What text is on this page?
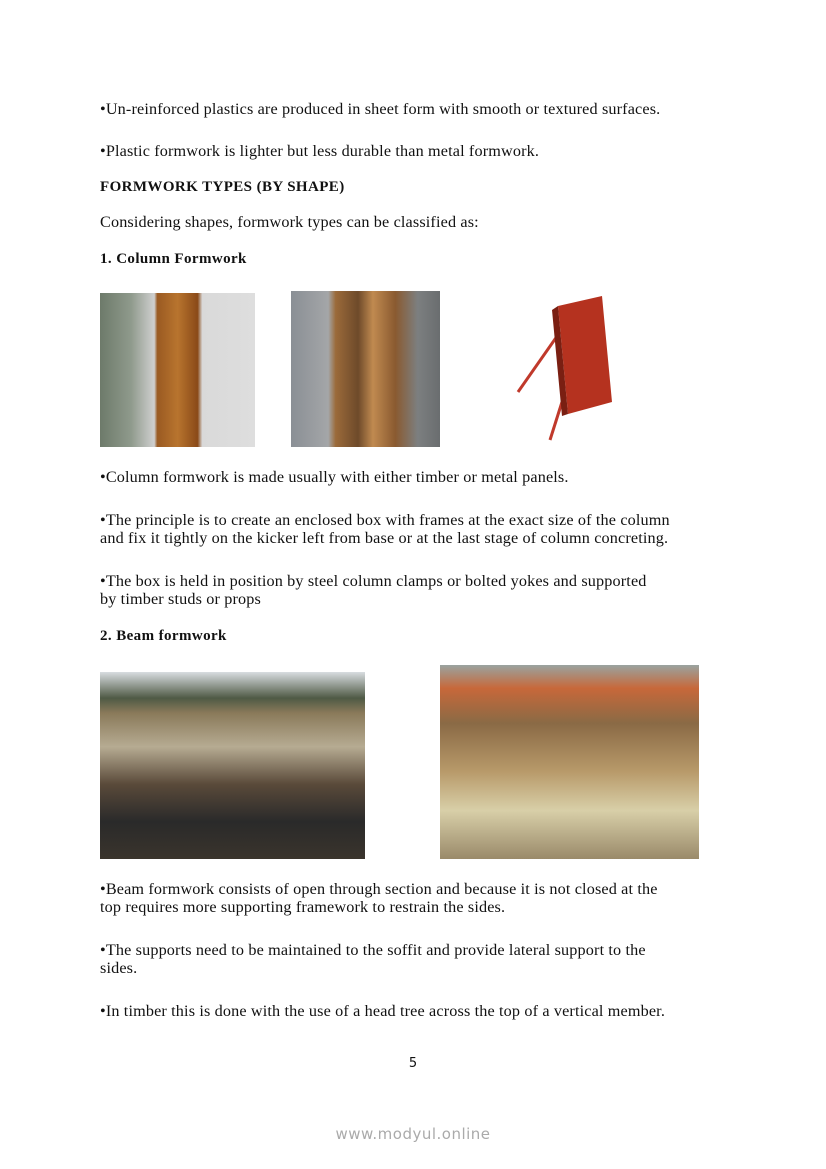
•Un-reinforced plastics are produced in sheet form with smooth or textured surfaces.
•Plastic formwork is lighter but less durable than metal formwork.
FORMWORK TYPES (BY SHAPE)
Considering shapes, formwork types can be classified as:
1. Column Formwork
•Column formwork is made usually with either timber or metal panels.
•The principle is to create an enclosed box with frames at the exact size of the column
and fix it tightly on the kicker left from base or at the last stage of column concreting.
•The box is held in position by steel column clamps or bolted yokes and supported
by timber studs or props
2. Beam formwork
•Beam formwork consists of open through section and because it is not closed at the
top requires more supporting framework to restrain the sides.
•The supports need to be maintained to the soffit and provide lateral support to the
sides.
•In timber this is done with the use of a head tree across the top of a vertical member.
5
www.modyul.online
